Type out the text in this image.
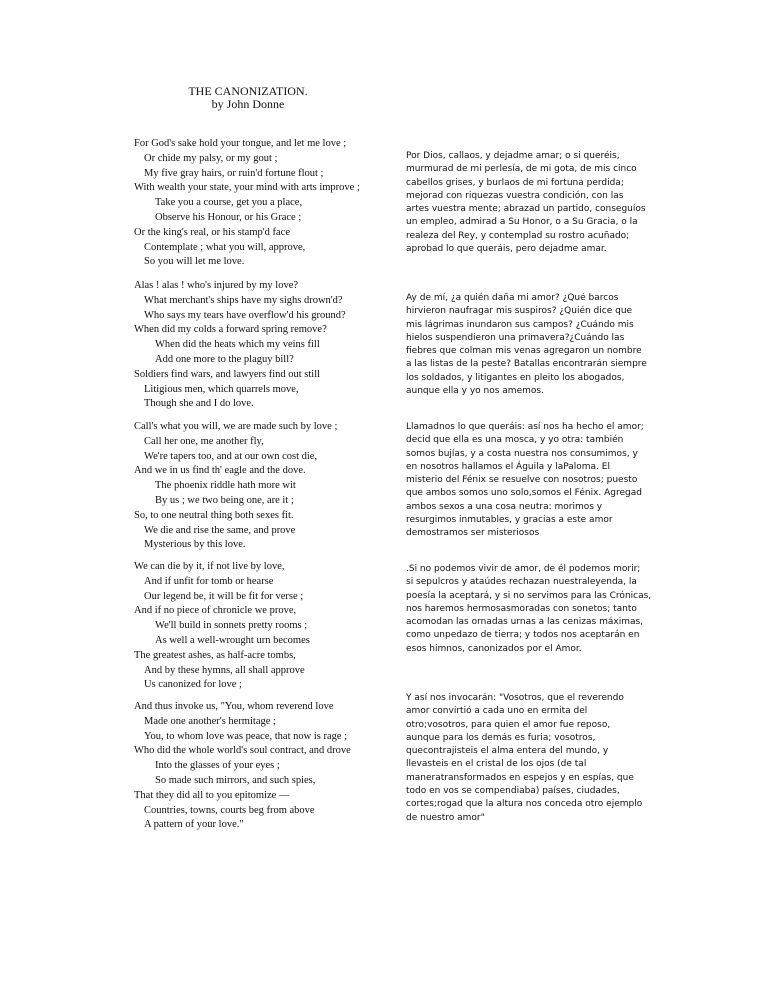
THE CANONIZATION.
by John Donne
For God's sake hold your tongue, and let me love ;
Or chide my palsy, or my gout ;
My five gray hairs, or ruin'd fortune flout ;
With wealth your state, your mind with arts improve ;
Take you a course, get you a place,
Observe his Honour, or his Grace ;
Or the king's real, or his stamp'd face
Contemplate ; what you will, approve,
So you will let me love.
Alas ! alas ! who's injured by my love?
What merchant's ships have my sighs drown'd?
Who says my tears have overflow'd his ground?
When did my colds a forward spring remove?
When did the heats which my veins fill
Add one more to the plaguy bill?
Soldiers find wars, and lawyers find out still
Litigious men, which quarrels move,
Though she and I do love.
Call's what you will, we are made such by love ;
Call her one, me another fly,
We're tapers too, and at our own cost die,
And we in us find th' eagle and the dove.
The phoenix riddle hath more wit
By us ; we two being one, are it ;
So, to one neutral thing both sexes fit.
We die and rise the same, and prove
Mysterious by this love.
We can die by it, if not live by love,
And if unfit for tomb or hearse
Our legend be, it will be fit for verse ;
And if no piece of chronicle we prove,
We'll build in sonnets pretty rooms ;
As well a well-wrought urn becomes
The greatest ashes, as half-acre tombs,
And by these hymns, all shall approve
Us canonized for love ;
And thus invoke us, "You, whom reverend love
Made one another's hermitage ;
You, to whom love was peace, that now is rage ;
Who did the whole world's soul contract, and drove
Into the glasses of your eyes ;
So made such mirrors, and such spies,
That they did all to you epitomize —
Countries, towns, courts beg from above
A pattern of your love."
Por Dios, callaos, y dejadme amar; o si queréis,
murmurad de mi perlesía, de mi gota, de mis cinco
cabellos grises, y burlaos de mi fortuna perdida;
mejorad con riquezas vuestra condición, con las
artes vuestra mente; abrazad un partido, conseguíos
un empleo, admirad a Su Honor, o a Su Gracia, o la
realeza del Rey, y contemplad su rostro acuñado;
aprobad lo que queráis, pero dejadme amar.
Ay de mí, ¿a quién daña mi amor? ¿Qué barcos
hirvieron naufragar mis suspiros? ¿Quién dice que
mis lágrimas inundaron sus campos? ¿Cuándo mis
hielos suspendieron una primavera?¿Cuándo las
fiebres que colman mis venas agregaron un nombre
a las listas de la peste? Batallas encontrarán siempre
los soldados, y litigantes en pleito los abogados,
aunque ella y yo nos amemos.
Llamadnos lo que queráis: así nos ha hecho el amor;
decid que ella es una mosca, y yo otra: también
somos bujías, y a costa nuestra nos consumimos, y
en nosotros hallamos el Águila y laPaloma. El
misterio del Fénix se resuelve con nosotros; puesto
que ambos somos uno solo,somos el Fénix. Agregad
ambos sexos a una cosa neutra: morimos y
resurgimos inmutables, y gracias a este amor
demostramos ser misteriosos
.Si no podemos vivir de amor, de él podemos morir;
si sepulcros y ataúdes rechazan nuestraleyenda, la
poesía la aceptará, y si no servimos para las Crónicas,
nos haremos hermosasmoradas con sonetos; tanto
acomodan las ornadas urnas a las cenizas máximas,
como unpedazo de tierra; y todos nos aceptarán en
esos himnos, canonizados por el Amor.
Y así nos invocarán: "Vosotros, que el reverendo
amor convirtió a cada uno en ermita del
otro;vosotros, para quien el amor fue reposo,
aunque para los demás es furia; vosotros,
quecontrajisteis el alma entera del mundo, y
llevasteis en el cristal de los ojos (de tal
maneratransformados en espejos y en espías, que
todo en vos se compendiaba) países, ciudades,
cortes;rogad que la altura nos conceda otro ejemplo
de nuestro amor"
